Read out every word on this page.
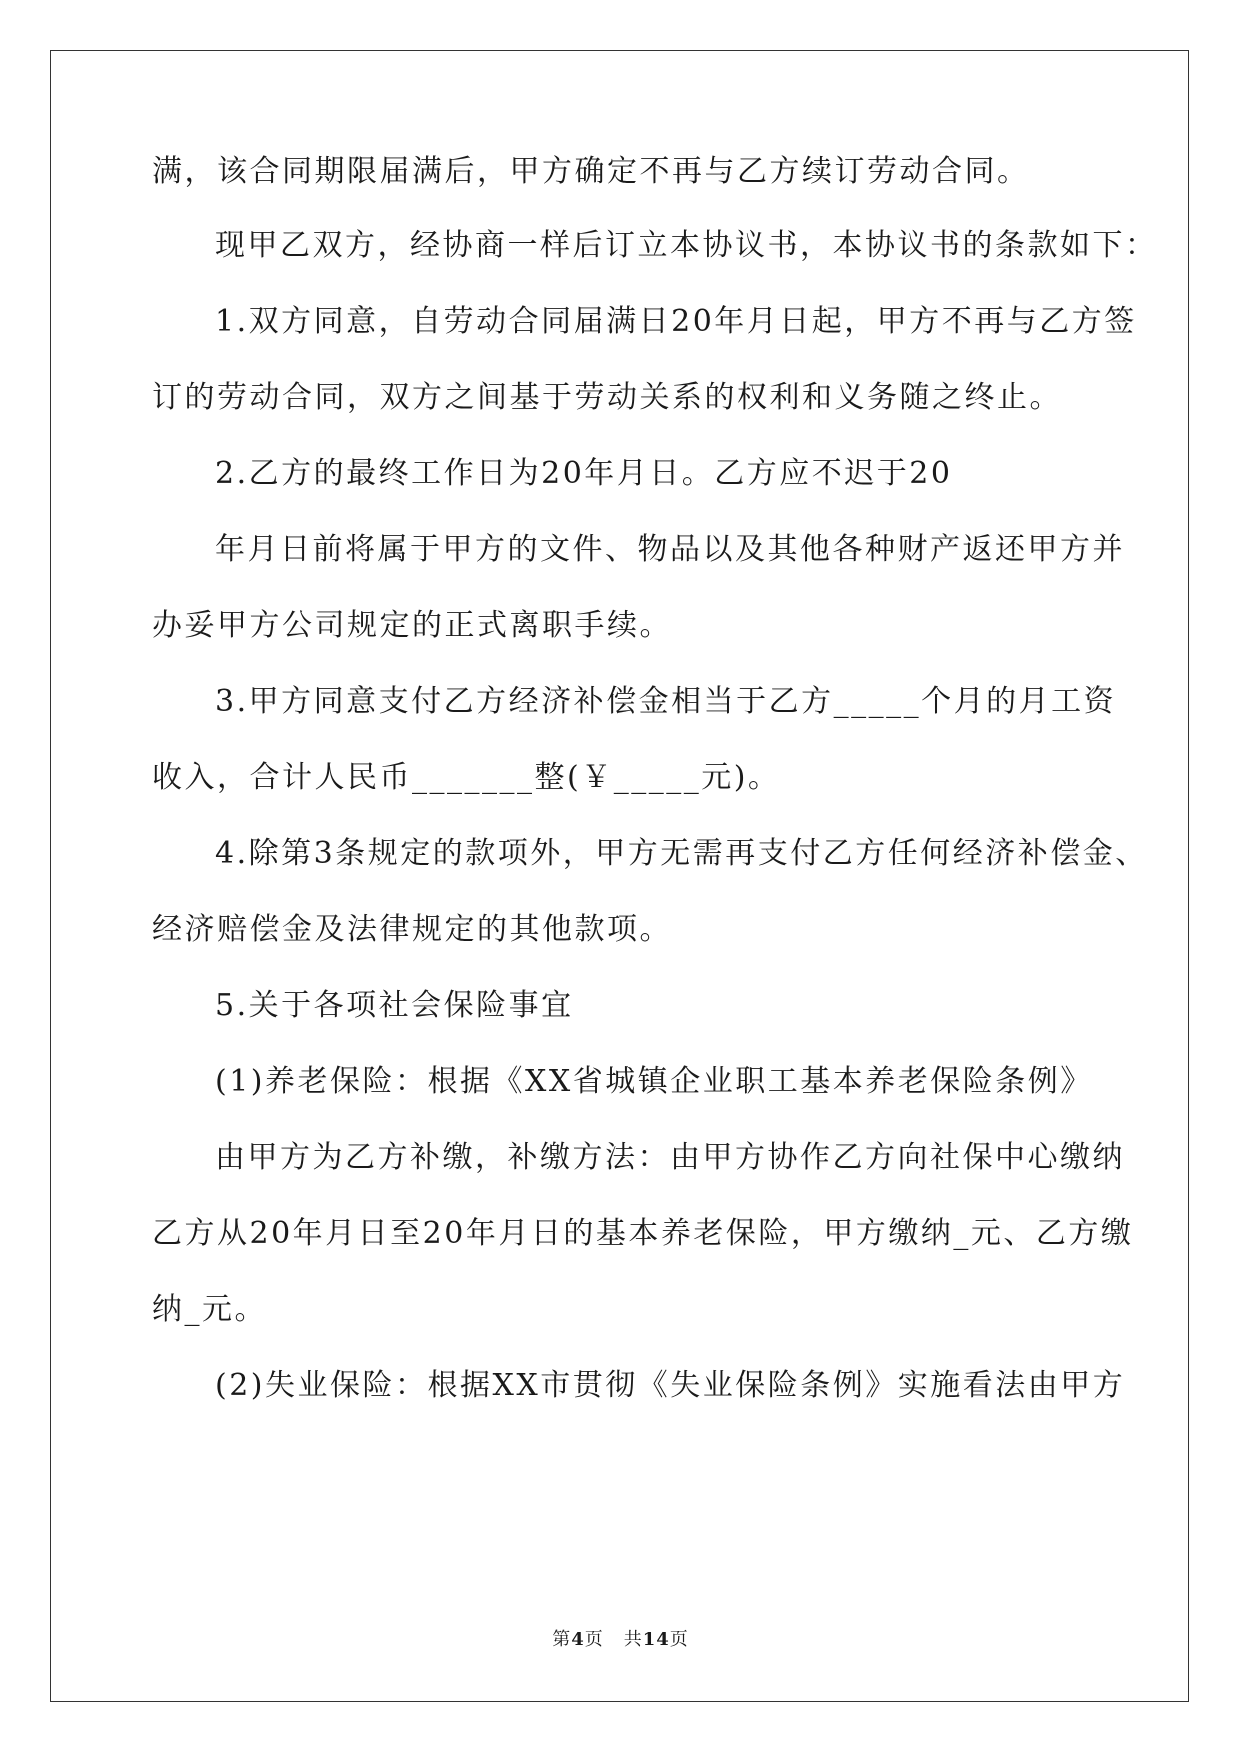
满，该合同期限届满后，甲方确定不再与乙方续订劳动合同。
现甲乙双方，经协商一样后订立本协议书，本协议书的条款如下：
1.双方同意，自劳动合同届满日20年月日起，甲方不再与乙方签
订的劳动合同，双方之间基于劳动关系的权利和义务随之终止。
2.乙方的最终工作日为20年月日。乙方应不迟于20
年月日前将属于甲方的文件、物品以及其他各种财产返还甲方并
办妥甲方公司规定的正式离职手续。
3.甲方同意支付乙方经济补偿金相当于乙方_____个月的月工资
收入，合计人民币_______整(￥_____元)。
4.除第3条规定的款项外，甲方无需再支付乙方任何经济补偿金、
经济赔偿金及法律规定的其他款项。
5.关于各项社会保险事宜
(1)养老保险：根据《XX省城镇企业职工基本养老保险条例》
由甲方为乙方补缴，补缴方法：由甲方协作乙方向社保中心缴纳
乙方从20年月日至20年月日的基本养老保险，甲方缴纳_元、乙方缴
纳_元。
(2)失业保险：根据XX市贯彻《失业保险条例》实施看法由甲方
第4页 共14页
